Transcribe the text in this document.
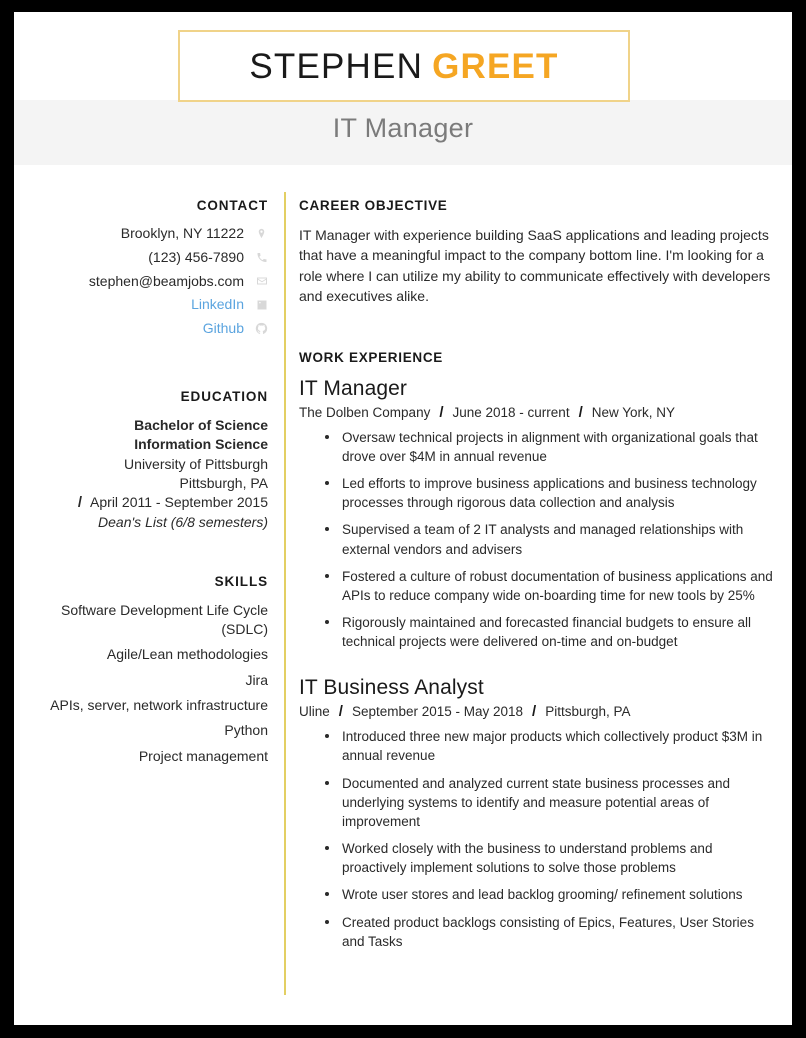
STEPHEN GREET
IT Manager
CONTACT
Brooklyn, NY 11222
(123) 456-7890
stephen@beamjobs.com
LinkedIn
Github
EDUCATION
Bachelor of Science
Information Science
University of Pittsburgh
Pittsburgh, PA
/ April 2011 - September 2015
Dean's List (6/8 semesters)
SKILLS
Software Development Life Cycle (SDLC)
Agile/Lean methodologies
Jira
APIs, server, network infrastructure
Python
Project management
CAREER OBJECTIVE

IT Manager with experience building SaaS applications and leading projects that have a meaningful impact to the company bottom line. I'm looking for a role where I can utilize my ability to communicate effectively with developers and executives alike.

WORK EXPERIENCE
IT Manager
The Dolben Company / June 2018 - current / New York, NY
Oversaw technical projects in alignment with organizational goals that drove over $4M in annual revenue
Led efforts to improve business applications and business technology processes through rigorous data collection and analysis
Supervised a team of 2 IT analysts and managed relationships with external vendors and advisers
Fostered a culture of robust documentation of business applications and APIs to reduce company wide on-boarding time for new tools by 25%
Rigorously maintained and forecasted financial budgets to ensure all technical projects were delivered on-time and on-budget
IT Business Analyst
Uline / September 2015 - May 2018 / Pittsburgh, PA
Introduced three new major products which collectively product $3M in annual revenue
Documented and analyzed current state business processes and underlying systems to identify and measure potential areas of improvement
Worked closely with the business to understand problems and proactively implement solutions to solve those problems
Wrote user stores and lead backlog grooming/ refinement solutions
Created product backlogs consisting of Epics, Features, User Stories and Tasks
